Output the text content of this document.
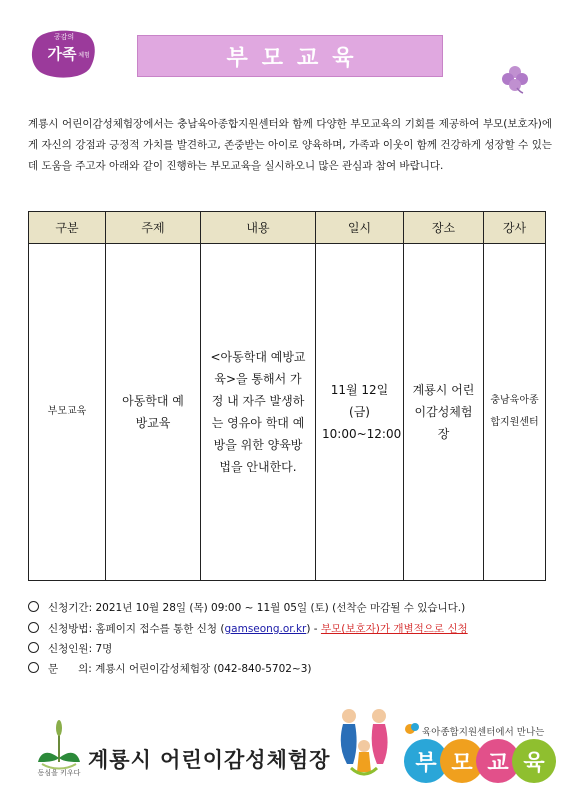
공감의
가족 체험	부모교육
계룡시 어린이감성체험장에서는 충남육아종합지원센터와 함께 다양한 부모교육의 기회를 제공하여 부모(보호자)에게 자신의 강점과 긍정적 가치를 발견하고, 존중받는 아이로 양육하며, 가족과 이웃이 함께 건강하게 성장할 수 있는데 도움을 주고자 아래와 같이 진행하는 부모교육을 실시하오니 많은 관심과 참여 바랍니다.
구분	주제	내용	일시	장소	강사
부모교육	아동학대 예방교육	<아동학대 예방교육>을 통해서 가정 내 자주 발생하는 영유아 학대 예방을 위한 양육방법을 안내한다.	11월 12일(금) 10:00~12:00	계룡시 어린이감성체험장	충남육아종합지원센터
신청기간: 2021년 10월 28일 (목) 09:00 ~ 11월 05일 (토) (선착순 마감될 수 있습니다.)
신청방법: 홈페이지 접수를 통한 신청 (gamseong.or.kr) - 부모(보호자)가 개별적으로 신청
신청인원: 7명
문      의: 계룡시 어린이감성체험장 (042-840-5702~3)
동심을 키우다
계룡시 어린이감성체험장
육아종합지원센터에서 만나는
부 모 교 육
